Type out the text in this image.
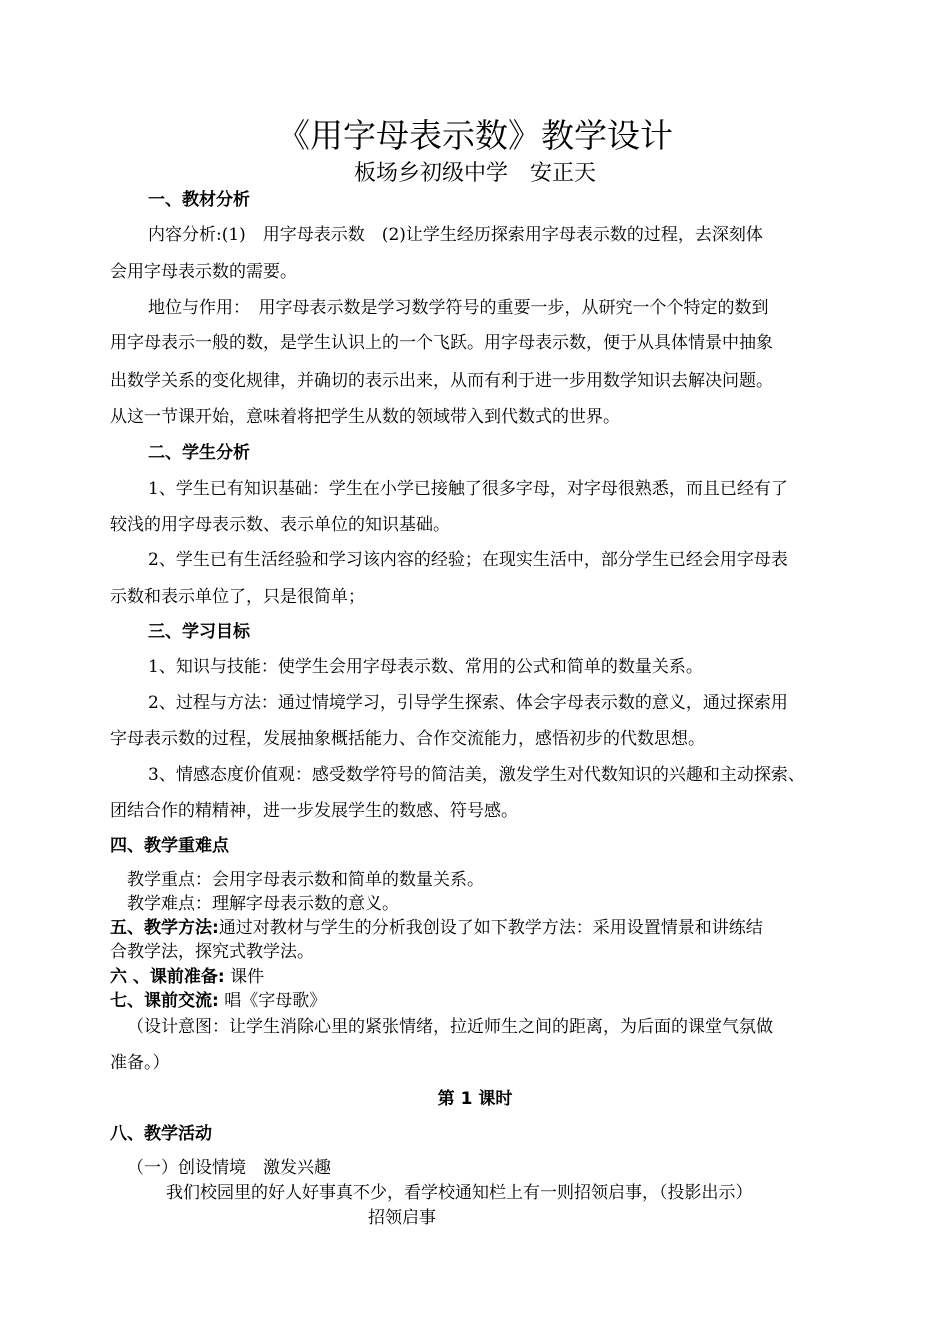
《用字母表示数》教学设计
板场乡初级中学　安正天
一、教材分析
内容分析:(1)　用字母表示数　(2)让学生经历探索用字母表示数的过程，去深刻体
会用字母表示数的需要。
地位与作用：　用字母表示数是学习数学符号的重要一步，从研究一个个特定的数到
用字母表示一般的数，是学生认识上的一个飞跃。用字母表示数，便于从具体情景中抽象
出数学关系的变化规律，并确切的表示出来，从而有利于进一步用数学知识去解决问题。
从这一节课开始，意味着将把学生从数的领域带入到代数式的世界。
二、学生分析
1、学生已有知识基础：学生在小学已接触了很多字母，对字母很熟悉，而且已经有了
较浅的用字母表示数、表示单位的知识基础。
2、学生已有生活经验和学习该内容的经验；在现实生活中，部分学生已经会用字母表
示数和表示单位了，只是很简单；
三、学习目标
1、知识与技能：使学生会用字母表示数、常用的公式和简单的数量关系。
2、过程与方法：通过情境学习，引导学生探索、体会字母表示数的意义，通过探索用
字母表示数的过程，发展抽象概括能力、合作交流能力，感悟初步的代数思想。
3、情感态度价值观：感受数学符号的简洁美，激发学生对代数知识的兴趣和主动探索、
团结合作的精精神，进一步发展学生的数感、符号感。
四、教学重难点
教学重点：会用字母表示数和简单的数量关系。
教学难点：理解字母表示数的意义。
五、教学方法:通过对教材与学生的分析我创设了如下教学方法：采用设置情景和讲练结
合教学法，探究式教学法。
六 、课前准备: 课件
七、课前交流: 唱《字母歌》
（设计意图：让学生消除心里的紧张情绪，拉近师生之间的距离，为后面的课堂气氛做
准备。）
第 1 课时
八、教学活动
（一）创设情境　激发兴趣
我们校园里的好人好事真不少，看学校通知栏上有一则招领启事，（投影出示）
招领启事
